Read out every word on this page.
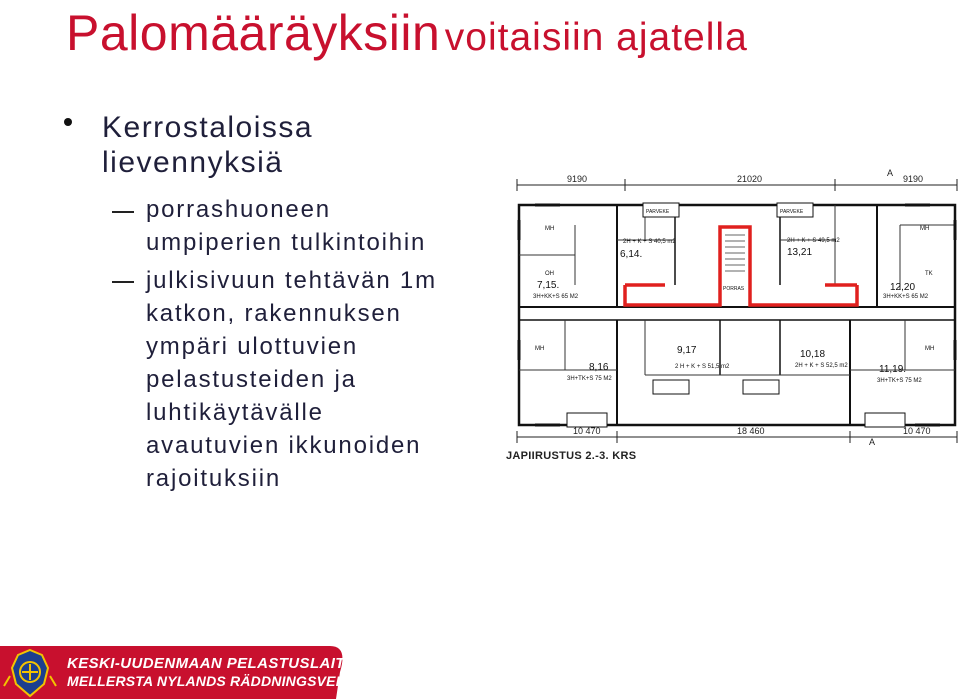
Palomääräyksiin voitaisiin ajatella
Kerrostaloissa
lievennyksiä
porrashuoneen
umpiperien tulkintoihin
julkisivuun tehtävän 1m
katkon, rakennuksen
ympäri ulottuvien
pelastusteiden ja
luhtikäytävälle
avautuvien ikkunoiden
rajoituksiin
9190	21020	9190
A
7,15.
6,14.	13,21
12,20
9,17
8,16
10,18
11,19.
3H+KK+S 65 M2
2H + K + S 40,5 m2	2H + K + S 49,5 m2
3H+KK+S 65 M2
2 H + K + S 51,5 m2
3H+TK+S 75 M2
2H + K + S 52,5 m2
3H+TK+S 75 M2
PARVEKE	PARVEKE
PORRAS
TK
OH
MH	MH
MH	MH
10 470	18 460	10 470
A
JAPIIRUSTUS 2.-3. KRS
KESKI-UUDENMAAN PELASTUSLAITOS
MELLERSTA NYLANDS RÄDDNINGSVERK
